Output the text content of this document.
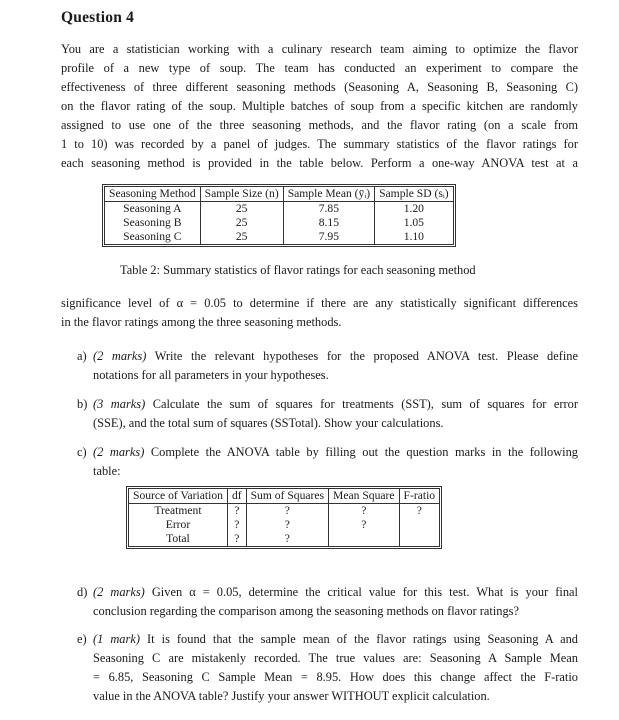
Question 4
You are a statistician working with a culinary research team aiming to optimize the flavor
profile of a new type of soup. The team has conducted an experiment to compare the
effectiveness of three different seasoning methods (Seasoning A, Seasoning B, Seasoning C)
on the flavor rating of the soup. Multiple batches of soup from a specific kitchen are randomly
assigned to use one of the three seasoning methods, and the flavor rating (on a scale from
1 to 10) was recorded by a panel of judges. The summary statistics of the flavor ratings for
each seasoning method is provided in the table below. Perform a one-way ANOVA test at a
Seasoning Method	Sample Size (n)	Sample Mean (ȳᵢ)	Sample SD (sᵢ)
Seasoning A	25	7.85	1.20
Seasoning B	25	8.15	1.05
Seasoning C	25	7.95	1.10
Table 2: Summary statistics of flavor ratings for each seasoning method
significance level of α = 0.05 to determine if there are any statistically significant differences
in the flavor ratings among the three seasoning methods.
a) (2 marks) Write the relevant hypotheses for the proposed ANOVA test. Please define
notations for all parameters in your hypotheses.
b) (3 marks) Calculate the sum of squares for treatments (SST), sum of squares for error
(SSE), and the total sum of squares (SSTotal). Show your calculations.
c) (2 marks) Complete the ANOVA table by filling out the question marks in the following
table:
Source of Variation	df	Sum of Squares	Mean Square	F-ratio
Treatment	?	?	?	?
Error	?	?	?	
Total	?	?		
d) (2 marks) Given α = 0.05, determine the critical value for this test. What is your final
conclusion regarding the comparison among the seasoning methods on flavor ratings?
e) (1 mark) It is found that the sample mean of the flavor ratings using Seasoning A and
Seasoning C are mistakenly recorded. The true values are: Seasoning A Sample Mean
= 6.85, Seasoning C Sample Mean = 8.95. How does this change affect the F-ratio
value in the ANOVA table? Justify your answer WITHOUT explicit calculation.
